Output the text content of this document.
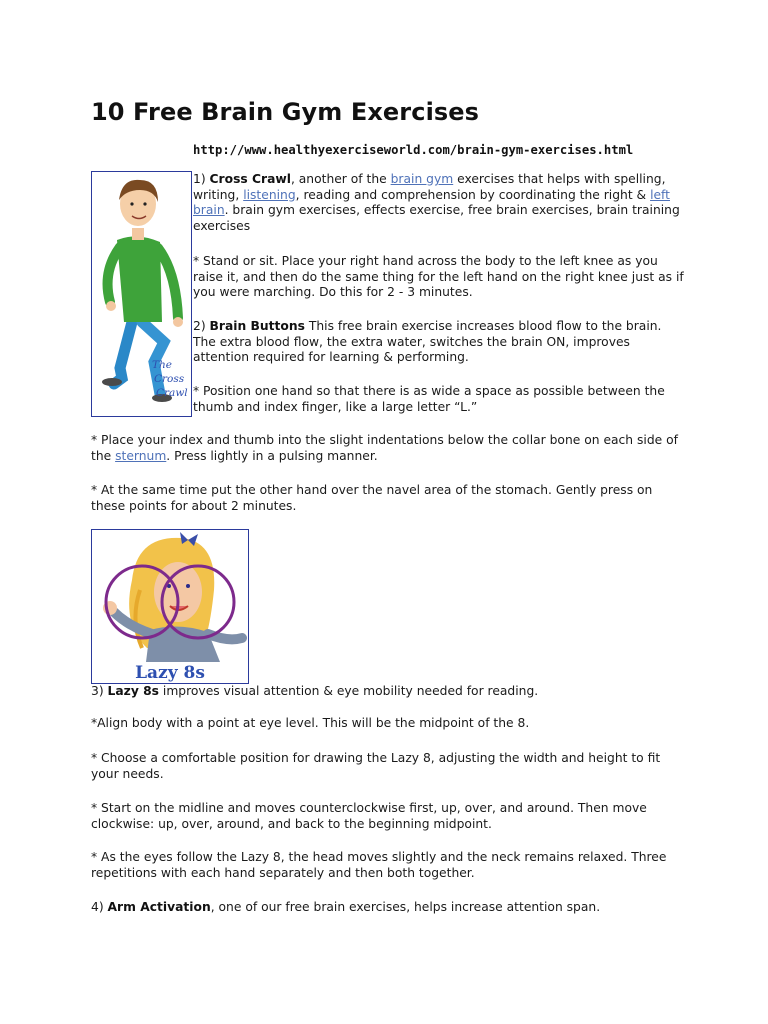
10 Free Brain Gym Exercises
http://www.healthyexerciseworld.com/brain-gym-exercises.html
The
Cross
Crawl
1) Cross Crawl, another of the brain gym exercises that helps with spelling, writing, listening, reading and comprehension by coordinating the right & left brain. brain gym exercises, effects exercise, free brain exercises, brain training exercises
* Stand or sit. Place your right hand across the body to the left knee as you raise it, and then do the same thing for the left hand on the right knee just as if you were marching. Do this for 2 - 3 minutes.
2) Brain Buttons This free brain exercise increases blood flow to the brain. The extra blood flow, the extra water, switches the brain ON, improves attention required for learning & performing.
* Position one hand so that there is as wide a space as possible between the thumb and index finger, like a large letter “L.”
* Place your index and thumb into the slight indentations below the collar bone on each side of the sternum. Press lightly in a pulsing manner.
* At the same time put the other hand over the navel area of the stomach. Gently press on these points for about 2 minutes.
Lazy 8s
3) Lazy 8s improves visual attention & eye mobility needed for reading.
*Align body with a point at eye level. This will be the midpoint of the 8.
* Choose a comfortable position for drawing the Lazy 8, adjusting the width and height to fit your needs.
* Start on the midline and moves counterclockwise first, up, over, and around. Then move clockwise: up, over, around, and back to the beginning midpoint.
* As the eyes follow the Lazy 8, the head moves slightly and the neck remains relaxed. Three repetitions with each hand separately and then both together.
4) Arm Activation, one of our free brain exercises, helps increase attention span.
